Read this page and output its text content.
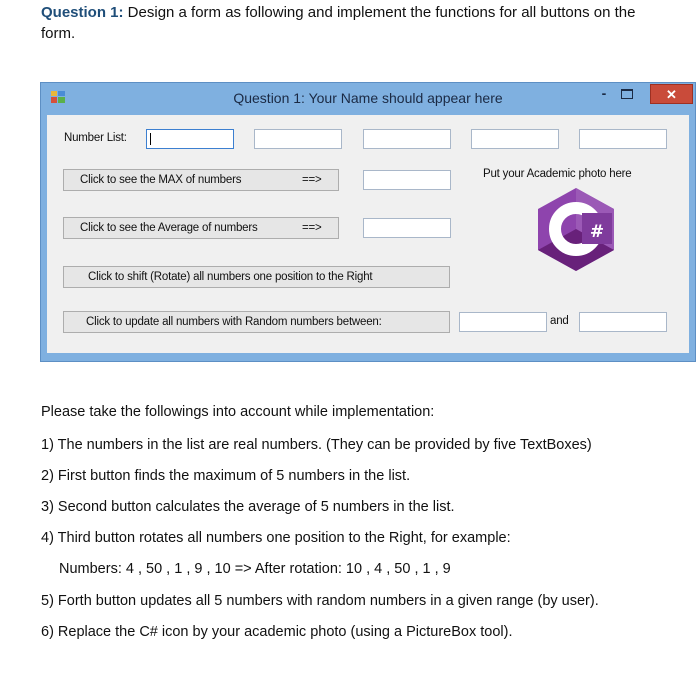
Question 1: Design a form as following and implement the functions for all buttons on the form.
Question 1: Your Name should appear here	-	✕
Number List:
Click to see the MAX of numbers	==>	Put your Academic photo here
#
Click to see the Average of numbers	==>
Click to shift (Rotate) all numbers one position to the Right
Click to update all numbers with Random numbers between:	and
Please take the followings into account while implementation:
1) The numbers in the list are real numbers. (They can be provided by five TextBoxes)
2) First button finds the maximum of 5 numbers in the list.
3) Second button calculates the average of 5 numbers in the list.
4) Third button rotates all numbers one position to the Right, for example:
Numbers: 4 , 50 , 1 , 9 , 10 => After rotation: 10 , 4 , 50 , 1 , 9
5) Forth button updates all 5 numbers with random numbers in a given range (by user).
6) Replace the C# icon by your academic photo (using a PictureBox tool).
